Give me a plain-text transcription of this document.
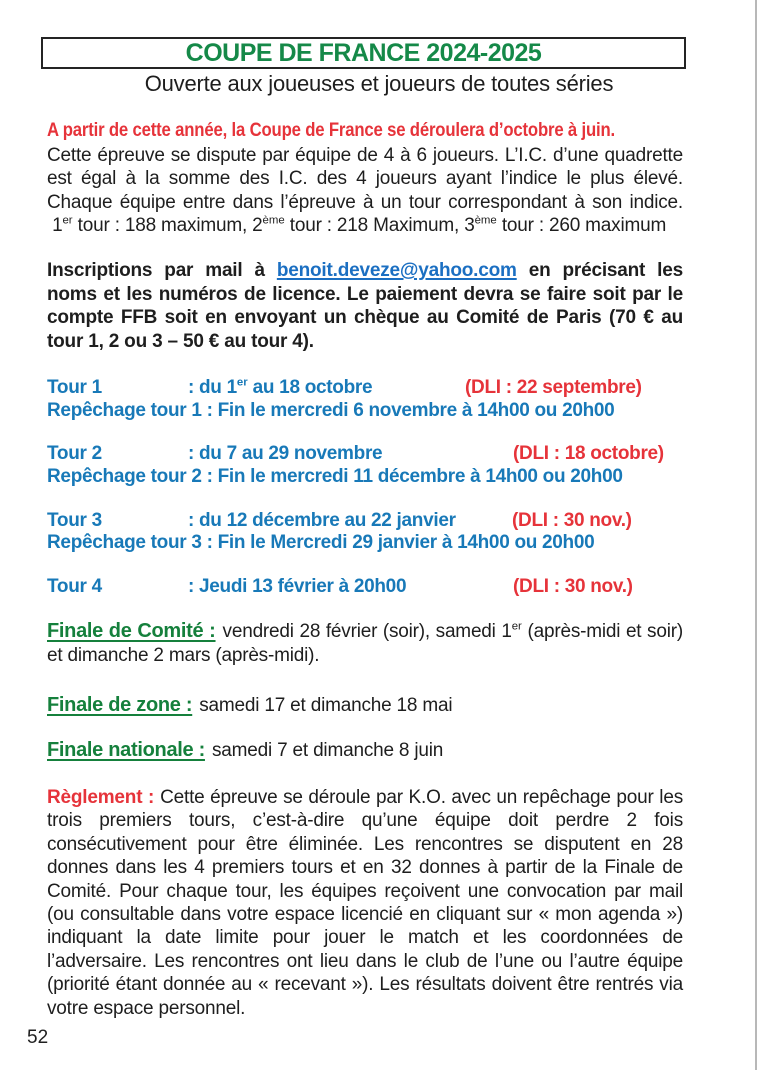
COUPE DE FRANCE 2024-2025
Ouverte aux joueuses et joueurs de toutes séries
A partir de cette année, la Coupe de France se déroulera d’octobre à juin.

Cette épreuve se dispute par équipe de 4 à 6 joueurs. L’I.C. d’une quadrette est égal à la somme des I.C. des 4 joueurs ayant l’indice le plus élevé. Chaque équipe entre dans l’épreuve à un tour correspondant à son indice.  1er tour : 188 maximum, 2ème tour : 218 Maximum, 3ème tour : 260 maximum

Inscriptions par mail à benoit.deveze@yahoo.com en précisant les noms et les numéros de licence. Le paiement devra se faire soit par le compte FFB soit en envoyant un chèque au Comité de Paris (70 € au tour 1, 2 ou 3 – 50 € au tour 4).

Tour 1	: du 1er au 18 octobre	(DLI : 22 septembre)
Repêchage tour 1 : Fin le mercredi 6 novembre à 14h00 ou 20h00
Tour 2	: du 7 au 29 novembre	(DLI : 18 octobre)
Repêchage tour 2 : Fin le mercredi 11 décembre à 14h00 ou 20h00
Tour 3	: du 12 décembre au 22 janvier	(DLI : 30 nov.)
Repêchage tour 3 : Fin le Mercredi 29 janvier à 14h00 ou 20h00
Tour 4	: Jeudi 13 février à 20h00	(DLI : 30 nov.)

Finale de Comité : vendredi 28 février (soir), samedi 1er (après-midi et soir) et dimanche 2 mars (après-midi).

Finale de zone : samedi 17 et dimanche 18 mai

Finale nationale : samedi 7 et dimanche 8 juin

Règlement : Cette épreuve se déroule par K.O. avec un repêchage pour les trois premiers tours, c’est-à-dire qu’une équipe doit perdre 2 fois consécutivement pour être éliminée. Les rencontres se disputent en 28 donnes dans les 4 premiers tours et en 32 donnes à partir de la Finale de Comité. Pour chaque tour, les équipes reçoivent une convocation par mail (ou consultable dans votre espace licencié en cliquant sur « mon agenda ») indiquant la date limite pour jouer le match et les coordonnées de l’adversaire. Les rencontres ont lieu dans le club de l’une ou l’autre équipe (priorité étant donnée au « recevant »). Les résultats doivent être rentrés via votre espace personnel.

52
